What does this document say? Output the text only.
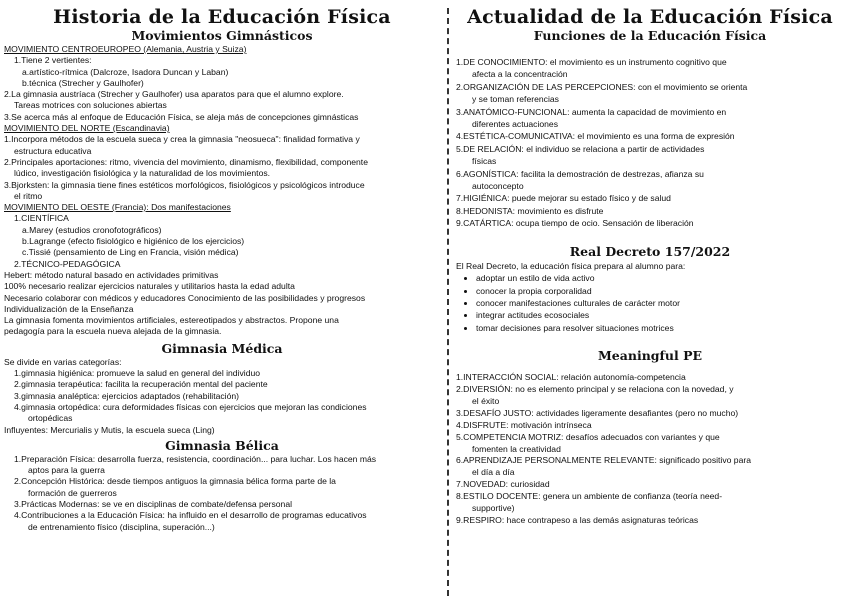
Historia de la Educación Física
Movimientos Gimnásticos
MOVIMIENTO CENTROEUROPEO (Alemania, Austria y Suiza)
1.Tiene 2 vertientes:
a.artístico-rítmica (Dalcroze, Isadora Duncan y Laban)
b.técnica (Strecher y Gaulhofer)
2.La gimnasia austríaca (Strecher y Gaulhofer) usa aparatos para que el alumno explore.
Tareas motrices con soluciones abiertas
3.Se acerca más al enfoque de Educación Física, se aleja más de concepciones gimnásticas
MOVIMIENTO DEL NORTE (Escandinavia)
1.Incorpora métodos de la escuela sueca y crea la gimnasia "neosueca": finalidad formativa y
estructura educativa
2.Principales aportaciones: ritmo, vivencia del movimiento, dinamismo, flexibilidad, componente
lúdico, investigación fisiológica y la naturalidad de los movimientos.
3.Bjorksten: la gimnasia tiene fines estéticos morfológicos, fisiológicos y psicológicos introduce
el ritmo
MOVIMIENTO DEL OESTE (Francia): Dos manifestaciones
1.CIENTÍFICA
a.Marey (estudios cronofotográficos)
b.Lagrange (efecto fisiológico e higiénico de los ejercicios)
c.Tissié (pensamiento de Ling en Francia, visión médica)
2.TÉCNICO-PEDAGÓGICA
Hebert: método natural basado en actividades primitivas
100% necesario realizar ejercicios naturales y utilitarios hasta la edad adulta
Necesario colaborar con médicos y educadores Conocimiento de las posibilidades y progresos
Individualización de la Enseñanza
La gimnasia fomenta movimientos artificiales, estereotipados y abstractos. Propone una
pedagogía para la escuela nueva alejada de la gimnasia.
Gimnasia Médica
Se divide en varias categorías:
1.gimnasia higiénica: promueve la salud en general del individuo
2.gimnasia terapéutica: facilita la recuperación mental del paciente
3.gimnasia analéptica: ejercicios adaptados (rehabilitación)
4.gimnasia ortopédica: cura deformidades físicas con ejercicios que mejoran las condiciones
ortopédicas
Influyentes: Mercurialis y Mutis, la escuela sueca (Ling)
Gimnasia Bélica
1.Preparación Física: desarrolla fuerza, resistencia, coordinación... para luchar. Los hacen más
aptos para la guerra
2.Concepción Histórica: desde tiempos antiguos la gimnasia bélica forma parte de la
formación de guerreros
3.Prácticas Modernas: se ve en disciplinas de combate/defensa personal
4.Contribuciones a la Educación Física: ha influido en el desarrollo de programas educativos
de entrenamiento físico (disciplina, superación...)
Actualidad de la Educación Física
Funciones de la Educación Física
1.DE CONOCIMIENTO: el movimiento es un instrumento cognitivo que
afecta a la concentración
2.ORGANIZACIÓN DE LAS PERCEPCIONES: con el movimiento se orienta
y se toman referencias
3.ANATÓMICO-FUNCIONAL: aumenta la capacidad de movimiento en
diferentes actuaciones
4.ESTÉTICA-COMUNICATIVA: el movimiento es una forma de expresión
5.DE RELACIÓN: el individuo se relaciona a partir de actividades
físicas
6.AGONÍSTICA: facilita la demostración de destrezas, afianza su
autoconcepto
7.HIGIÉNICA: puede mejorar su estado físico y de salud
8.HEDONISTA: movimiento es disfrute
9.CATÁRTICA: ocupa tiempo de ocio. Sensación de liberación
Real Decreto 157/2022
El Real Decreto, la educación física prepara al alumno para:
• adoptar un estilo de vida activo
• conocer la propia corporalidad
• conocer manifestaciones culturales de carácter motor
• integrar actitudes ecosociales
• tomar decisiones para resolver situaciones motrices
Meaningful PE
1.INTERACCIÓN SOCIAL: relación autonomía-competencia
2.DIVERSIÓN: no es elemento principal y se relaciona con la novedad, y
el éxito
3.DESAFÍO JUSTO: actividades ligeramente desafiantes (pero no mucho)
4.DISFRUTE: motivación intrínseca
5.COMPETENCIA MOTRIZ: desafíos adecuados con variantes y que
fomenten la creatividad
6.APRENDIZAJE PERSONALMENTE RELEVANTE: significado positivo para
el día a día
7.NOVEDAD: curiosidad
8.ESTILO DOCENTE: genera un ambiente de confianza (teoría need-
supportive)
9.RESPIRO: hace contrapeso a las demás asignaturas teóricas
